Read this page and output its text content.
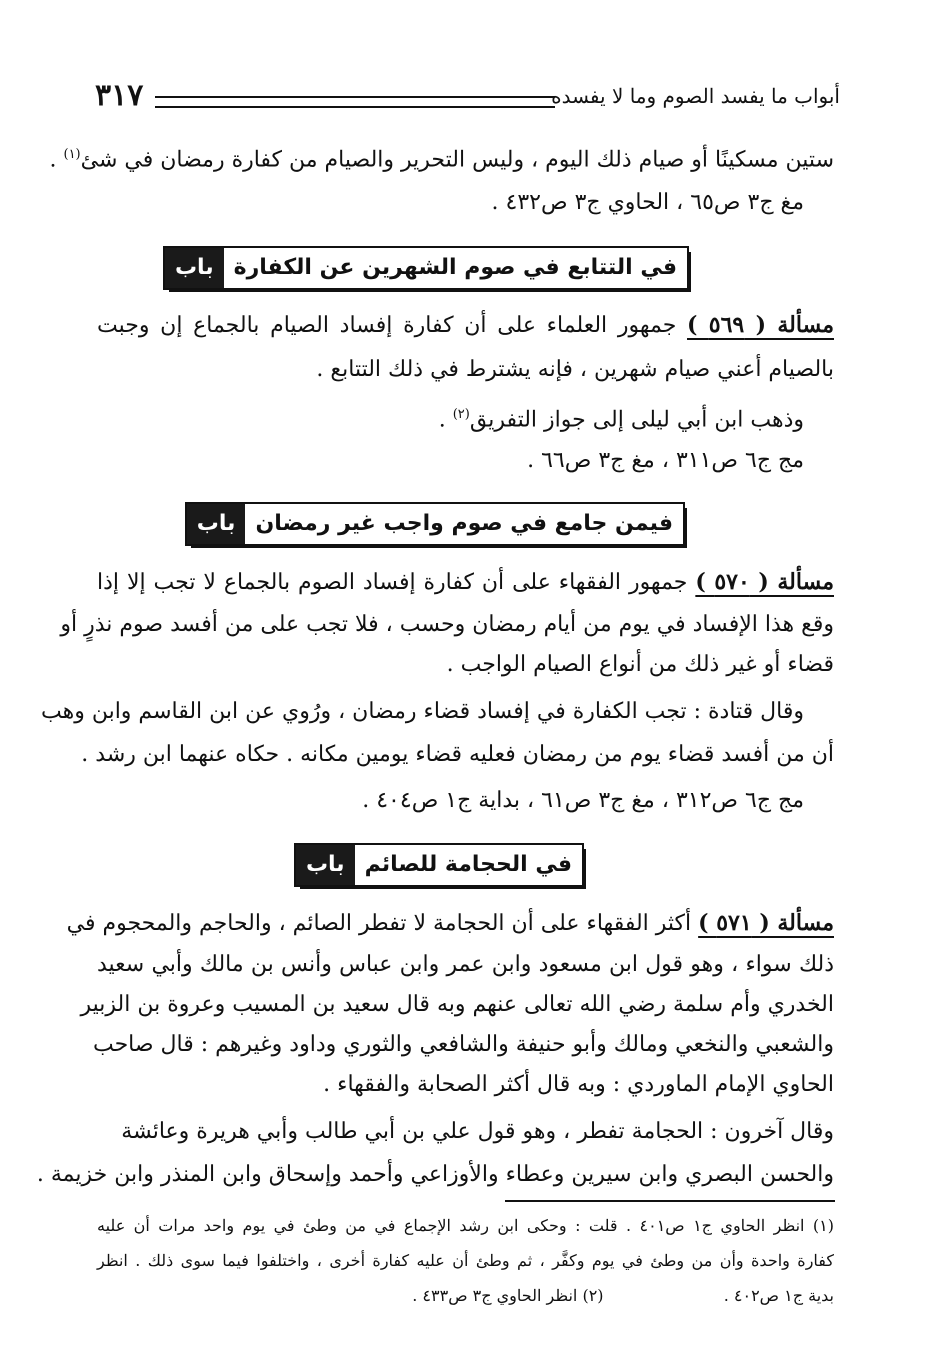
أبواب ما يفسد الصوم وما لا يفسده
٣١٧
ستين مسكينًا أو صيام ذلك اليوم ، وليس التحرير والصيام من كفارة رمضان في شئ$^{(١)}$ .
مغ ج٣ ص٦٥ ، الحاوي ج٣ ص٤٣٢ .
باب في التتابع في صوم الشهرين عن الكفارة
مسألة ( ٥٦٩ ) جمهور العلماء على أن كفارة إفساد الصيام بالجماع إن وجبت
بالصيام أعني صيام شهرين ، فإنه يشترط في ذلك التتابع .
وذهب ابن أبي ليلى إلى جواز التفريق$^{(٢)}$ .
مج ج٦ ص٣١١ ، مغ ج٣ ص٦٦ .
باب فيمن جامع في صوم واجب غير رمضان
مسألة ( ٥٧٠ ) جمهور الفقهاء على أن كفارة إفساد الصوم بالجماع لا تجب إلا إذا
وقع هذا الإفساد في يوم من أيام رمضان وحسب ، فلا تجب على من أفسد صوم نذرٍ أو
قضاء أو غير ذلك من أنواع الصيام الواجب .
وقال قتادة : تجب الكفارة في إفساد قضاء رمضان ، ورُوي عن ابن القاسم وابن وهب
أن من أفسد قضاء يوم من رمضان فعليه قضاء يومين مكانه . حكاه عنهما ابن رشد .
مج ج٦ ص٣١٢ ، مغ ج٣ ص٦١ ، بداية ج١ ص٤٠٤ .
باب في الحجامة للصائم
مسألة ( ٥٧١ ) أكثر الفقهاء على أن الحجامة لا تفطر الصائم ، والحاجم والمحجوم في
ذلك سواء ، وهو قول ابن مسعود وابن عمر وابن عباس وأنس بن مالك وأبي سعيد
الخدري وأم سلمة رضي الله تعالى عنهم وبه قال سعيد بن المسيب وعروة بن الزبير
والشعبي والنخعي ومالك وأبو حنيفة والشافعي والثوري وداود وغيرهم : قال صاحب
الحاوي الإمام الماوردي : وبه قال أكثر الصحابة والفقهاء .
وقال آخرون : الحجامة تفطر ، وهو قول علي بن أبي طالب وأبي هريرة وعائشة
والحسن البصري وابن سيرين وعطاء والأوزاعي وأحمد وإسحاق وابن المنذر وابن خزيمة .
(١) انظر الحاوي ج١ ص٤٠١ . قلت : وحكى ابن رشد الإجماع في من وطئ في يوم واحد مرات أن عليه
كفارة واحدة وأن من وطئ في يوم وكفَّر ، ثم وطئ أن عليه كفارة أخرى ، واختلفوا فيما سوى ذلك . انظر
بدية ج١ ص٤٠٢ .  (٢) انظر الحاوي ج٣ ص٤٣٣ .
